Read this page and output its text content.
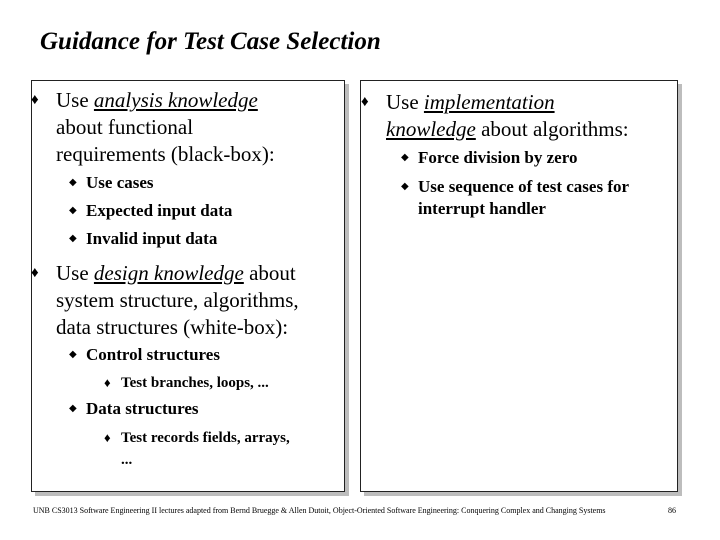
Guidance for Test Case Selection
♦ Use analysis knowledge
about functional
requirements (black-box):
◆ Use cases
◆ Expected input data
◆ Invalid input data
♦ Use design knowledge about
system structure, algorithms,
data structures (white-box):
◆ Control structures
♦ Test branches, loops, ...
◆ Data structures
♦ Test records fields, arrays,
...
♦ Use implementation
knowledge about algorithms:
◆ Force division by zero
◆ Use sequence of test cases for
interrupt handler
UNB CS3013 Software Engineering II lectures adapted from Bernd Bruegge & Allen Dutoit, Object-Oriented Software Engineering: Conquering Complex and Changing Systems	86
